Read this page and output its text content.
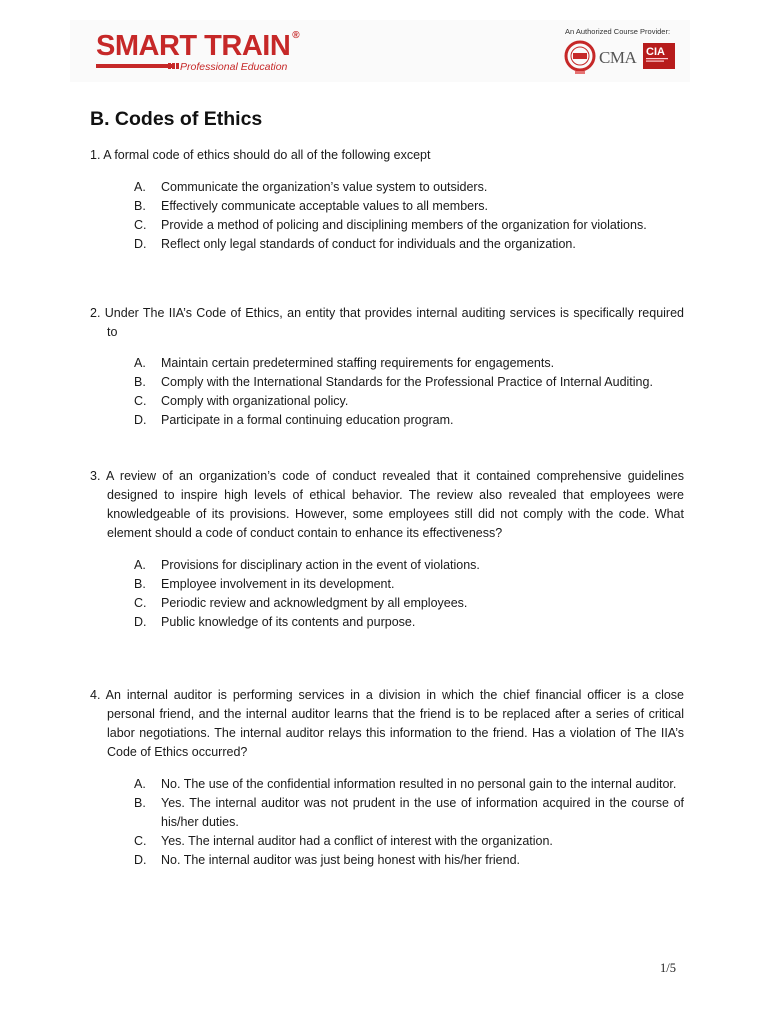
SMART TRAIN ®
Professional Education
An Authorized Course Provider:
CMA CIA
B. Codes of Ethics
1. A formal code of ethics should do all of the following except
A. Communicate the organization’s value system to outsiders.
B. Effectively communicate acceptable values to all members.
C. Provide a method of policing and disciplining members of the organization for violations.
D. Reflect only legal standards of conduct for individuals and the organization.
2. Under The IIA’s Code of Ethics, an entity that provides internal auditing services is specifically required to
A. Maintain certain predetermined staffing requirements for engagements.
B. Comply with the International Standards for the Professional Practice of Internal Auditing.
C. Comply with organizational policy.
D. Participate in a formal continuing education program.
3. A review of an organization’s code of conduct revealed that it contained comprehensive guidelines designed to inspire high levels of ethical behavior. The review also revealed that employees were knowledgeable of its provisions. However, some employees still did not comply with the code. What element should a code of conduct contain to enhance its effectiveness?
A. Provisions for disciplinary action in the event of violations.
B. Employee involvement in its development.
C. Periodic review and acknowledgment by all employees.
D. Public knowledge of its contents and purpose.
4. An internal auditor is performing services in a division in which the chief financial officer is a close personal friend, and the internal auditor learns that the friend is to be replaced after a series of critical labor negotiations. The internal auditor relays this information to the friend. Has a violation of The IIA’s Code of Ethics occurred?
A. No. The use of the confidential information resulted in no personal gain to the internal auditor.
B. Yes. The internal auditor was not prudent in the use of information acquired in the course of his/her duties.
C. Yes. The internal auditor had a conflict of interest with the organization.
D. No. The internal auditor was just being honest with his/her friend.
1/5
